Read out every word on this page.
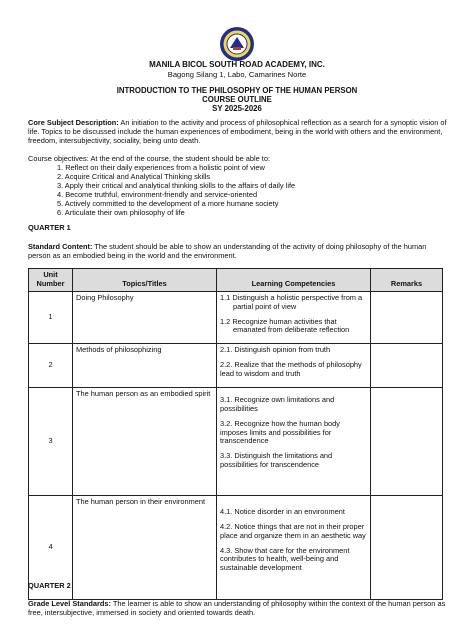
MANILA BICOL SOUTH ROAD ACADEMY, INC.
Bagong Silang 1, Labo, Camarines Norte
INTRODUCTION TO THE PHILOSOPHY OF THE HUMAN PERSON
COURSE OUTLINE
SY 2025-2026
Core Subject Description: An initiation to the activity and process of philosophical reflection as a search for a synoptic vision of life. Topics to be discussed include the human experiences of embodiment, being in the world with others and the environment, freedom, intersubjectivity, sociality, being unto death.
Course objectives: At the end of the course, the student should be able to:
1. Reflect on their daily experiences from a holistic point of view
2. Acquire Critical and Analytical Thinking skills
3. Apply their critical and analytical thinking skills to the affairs of daily life
4. Become truthful, environment-friendly and service-oriented
5. Actively committed to the development of a more humane society
6. Articulate their own philosophy of life
QUARTER 1
Standard Content: The student should be able to show an understanding of the activity of doing philosophy of the human person as an embodied being in the world and the environment.
Unit Number	Topics/Titles	Learning Competencies	Remarks
1	Doing Philosophy	1.1 Distinguish a holistic perspective from a partial point of view

1.2 Recognize human activities that emanated from deliberate reflection	

2	Methods of philosophizing	2.1. Distinguish opinion from truth

2.2. Realize that the methods of philosophy lead to wisdom and truth	

3	The human person as an embodied spirit	3.1. Recognize own limitations and possibilities

3.2. Recognize how the human body imposes limits and possibilities for transcendence

3.3. Distinguish the limitations and possibilities for transcendence	

4	The human person in their environment	4.1. Notice disorder in an environment

4.2. Notice things that are not in their proper place and organize them in an aesthetic way

4.3. Show that care for the environment contributes to health, well-being and sustainable development	

QUARTER 2
Grade Level Standards: The learner is able to show an understanding of philosophy within the context of the human person as free, intersubjective, immersed in society and oriented towards death.
